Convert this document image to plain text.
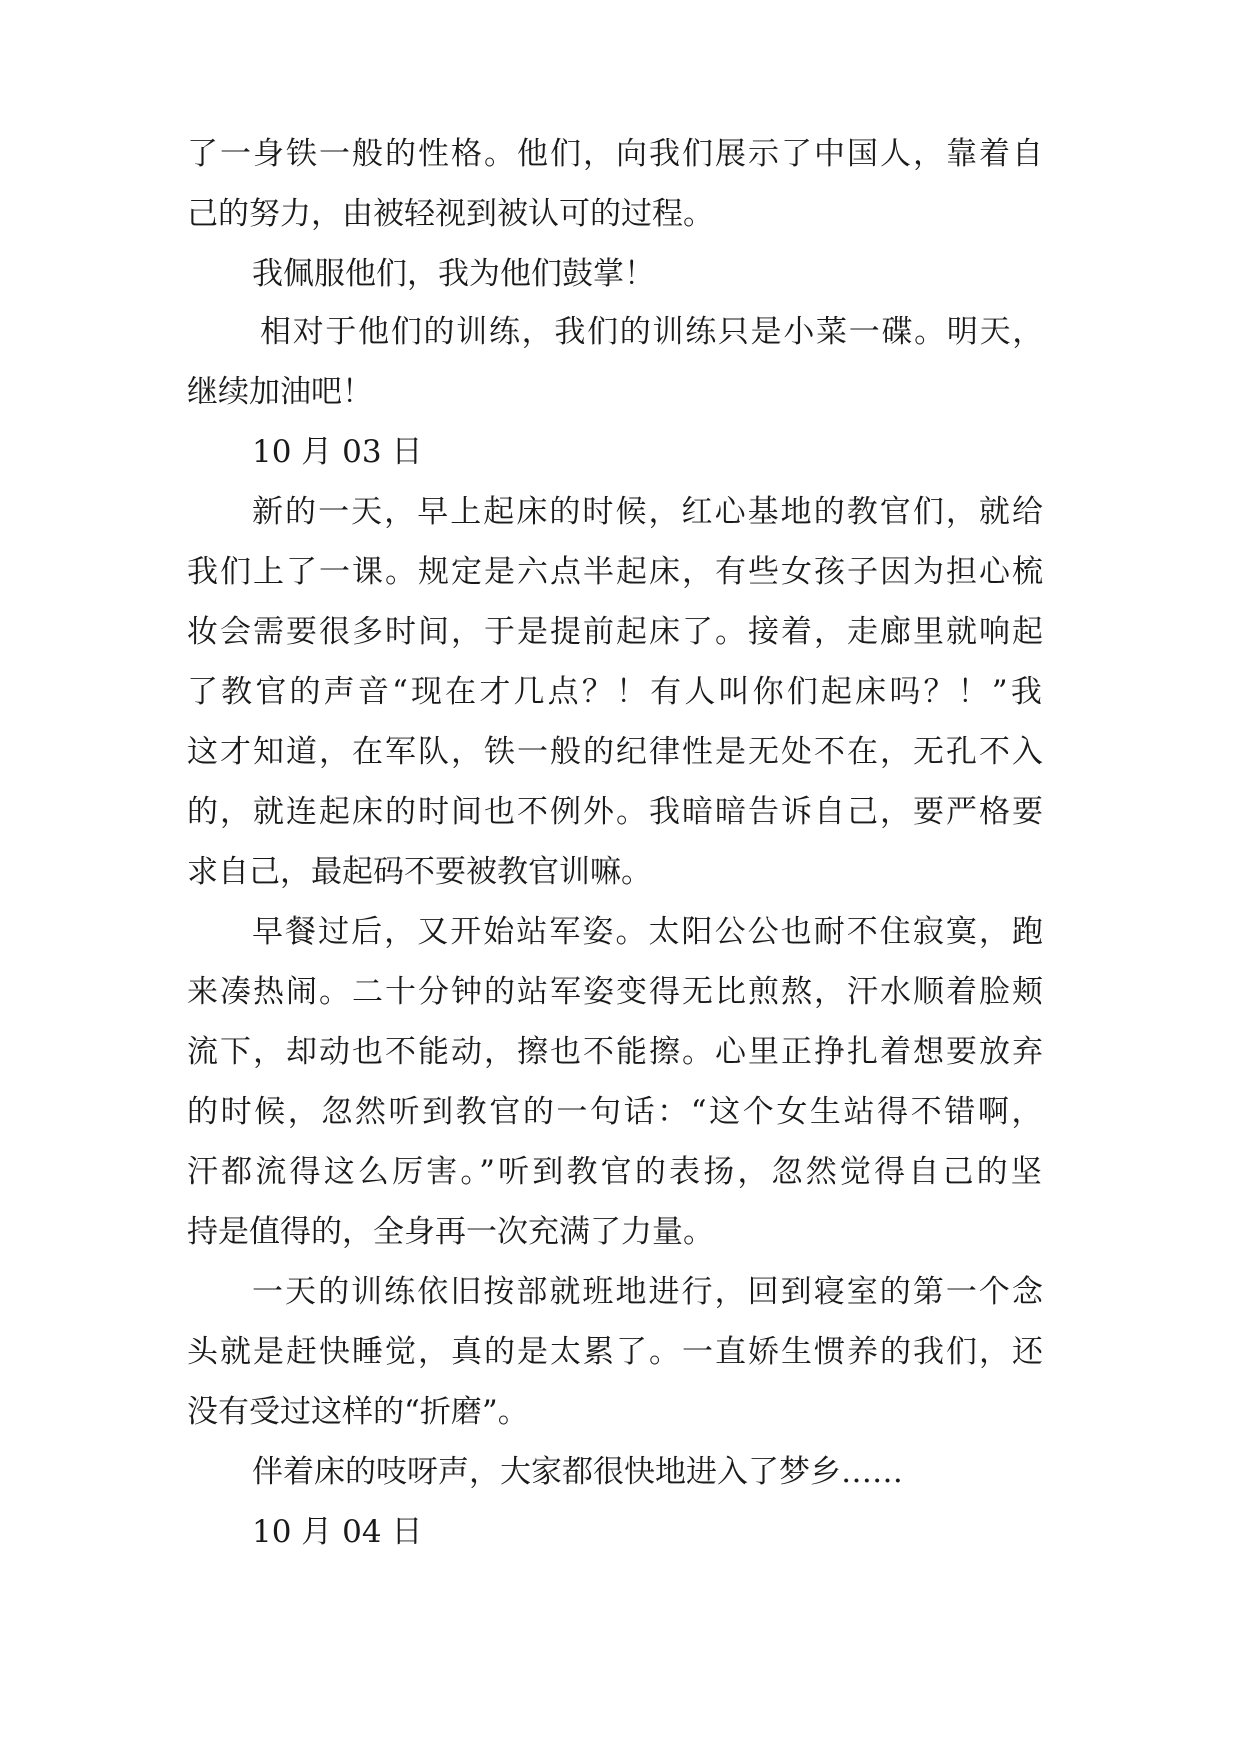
了一身铁一般的性格。他们，向我们展示了中国人，靠着自
己的努力，由被轻视到被认可的过程。
我佩服他们，我为他们鼓掌！
相对于他们的训练，我们的训练只是小菜一碟。明天，
继续加油吧！
10 月 03 日
新的一天，早上起床的时候，红心基地的教官们，就给
我们上了一课。规定是六点半起床，有些女孩子因为担心梳
妆会需要很多时间，于是提前起床了。接着，走廊里就响起
了教官的声音“现在才几点？！有人叫你们起床吗？！”我
这才知道，在军队，铁一般的纪律性是无处不在，无孔不入
的，就连起床的时间也不例外。我暗暗告诉自己，要严格要
求自己，最起码不要被教官训嘛。
早餐过后，又开始站军姿。太阳公公也耐不住寂寞，跑
来凑热闹。二十分钟的站军姿变得无比煎熬，汗水顺着脸颊
流下，却动也不能动，擦也不能擦。心里正挣扎着想要放弃
的时候，忽然听到教官的一句话：“这个女生站得不错啊，
汗都流得这么厉害。”听到教官的表扬，忽然觉得自己的坚
持是值得的，全身再一次充满了力量。
一天的训练依旧按部就班地进行，回到寝室的第一个念
头就是赶快睡觉，真的是太累了。一直娇生惯养的我们，还
没有受过这样的“折磨”。
伴着床的吱呀声，大家都很快地进入了梦乡……
10 月 04 日
